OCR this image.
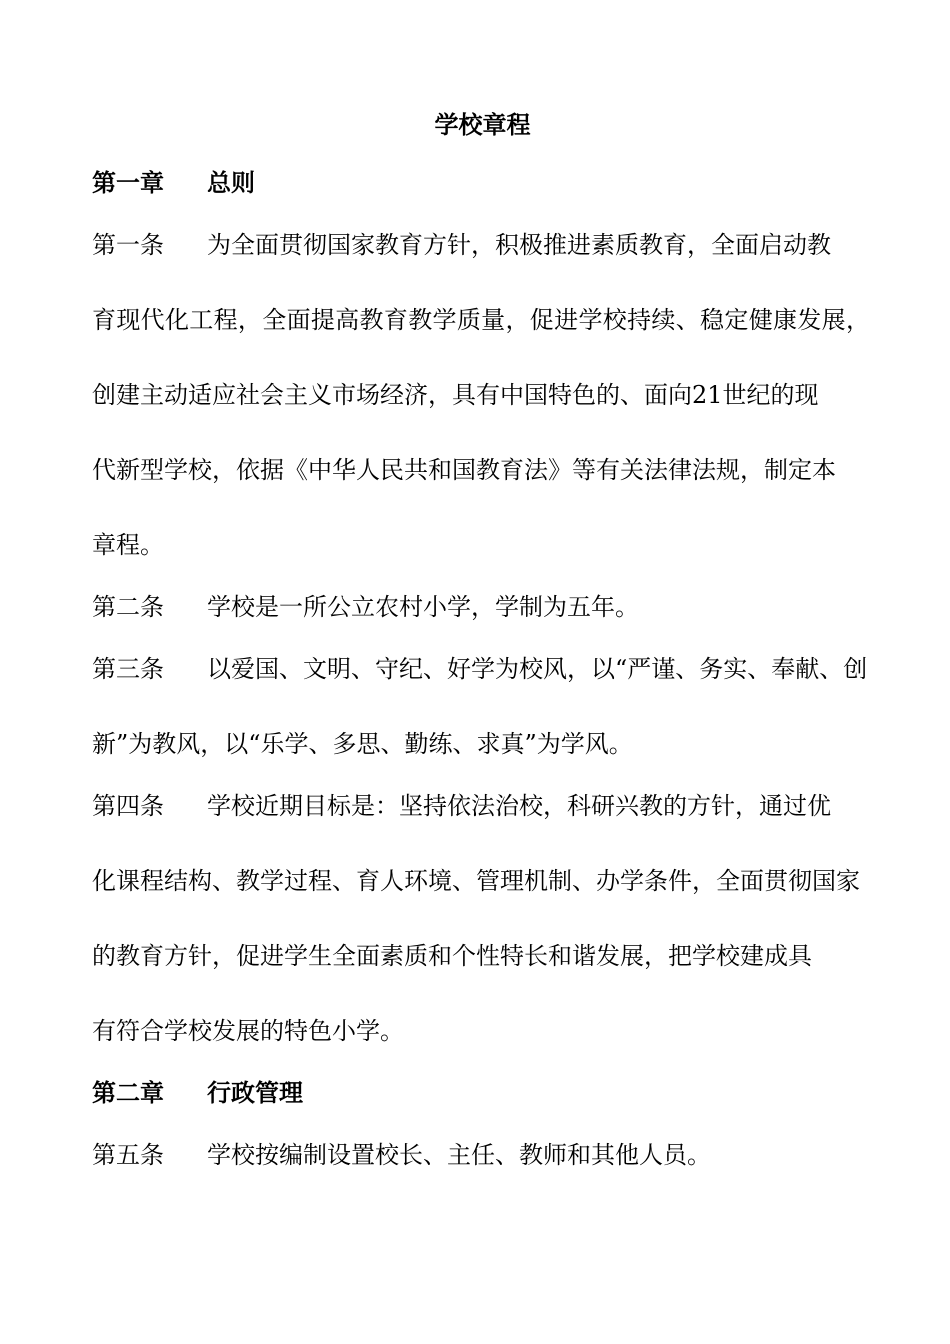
学校章程
第一章 总则
第一条 为全面贯彻国家教育方针，积极推进素质教育，全面启动教
育现代化工程，全面提高教育教学质量，促进学校持续、稳定健康发展，
创建主动适应社会主义市场经济，具有中国特色的、面向21世纪的现
代新型学校，依据《中华人民共和国教育法》等有关法律法规，制定本
章程。
第二条 学校是一所公立农村小学，学制为五年。
第三条 以爱国、文明、守纪、好学为校风，以“严谨、务实、奉献、创
新”为教风，以“乐学、多思、勤练、求真”为学风。
第四条 学校近期目标是：坚持依法治校，科研兴教的方针，通过优
化课程结构、教学过程、育人环境、管理机制、办学条件，全面贯彻国家
的教育方针，促进学生全面素质和个性特长和谐发展，把学校建成具
有符合学校发展的特色小学。
第二章 行政管理
第五条 学校按编制设置校长、主任、教师和其他人员。
